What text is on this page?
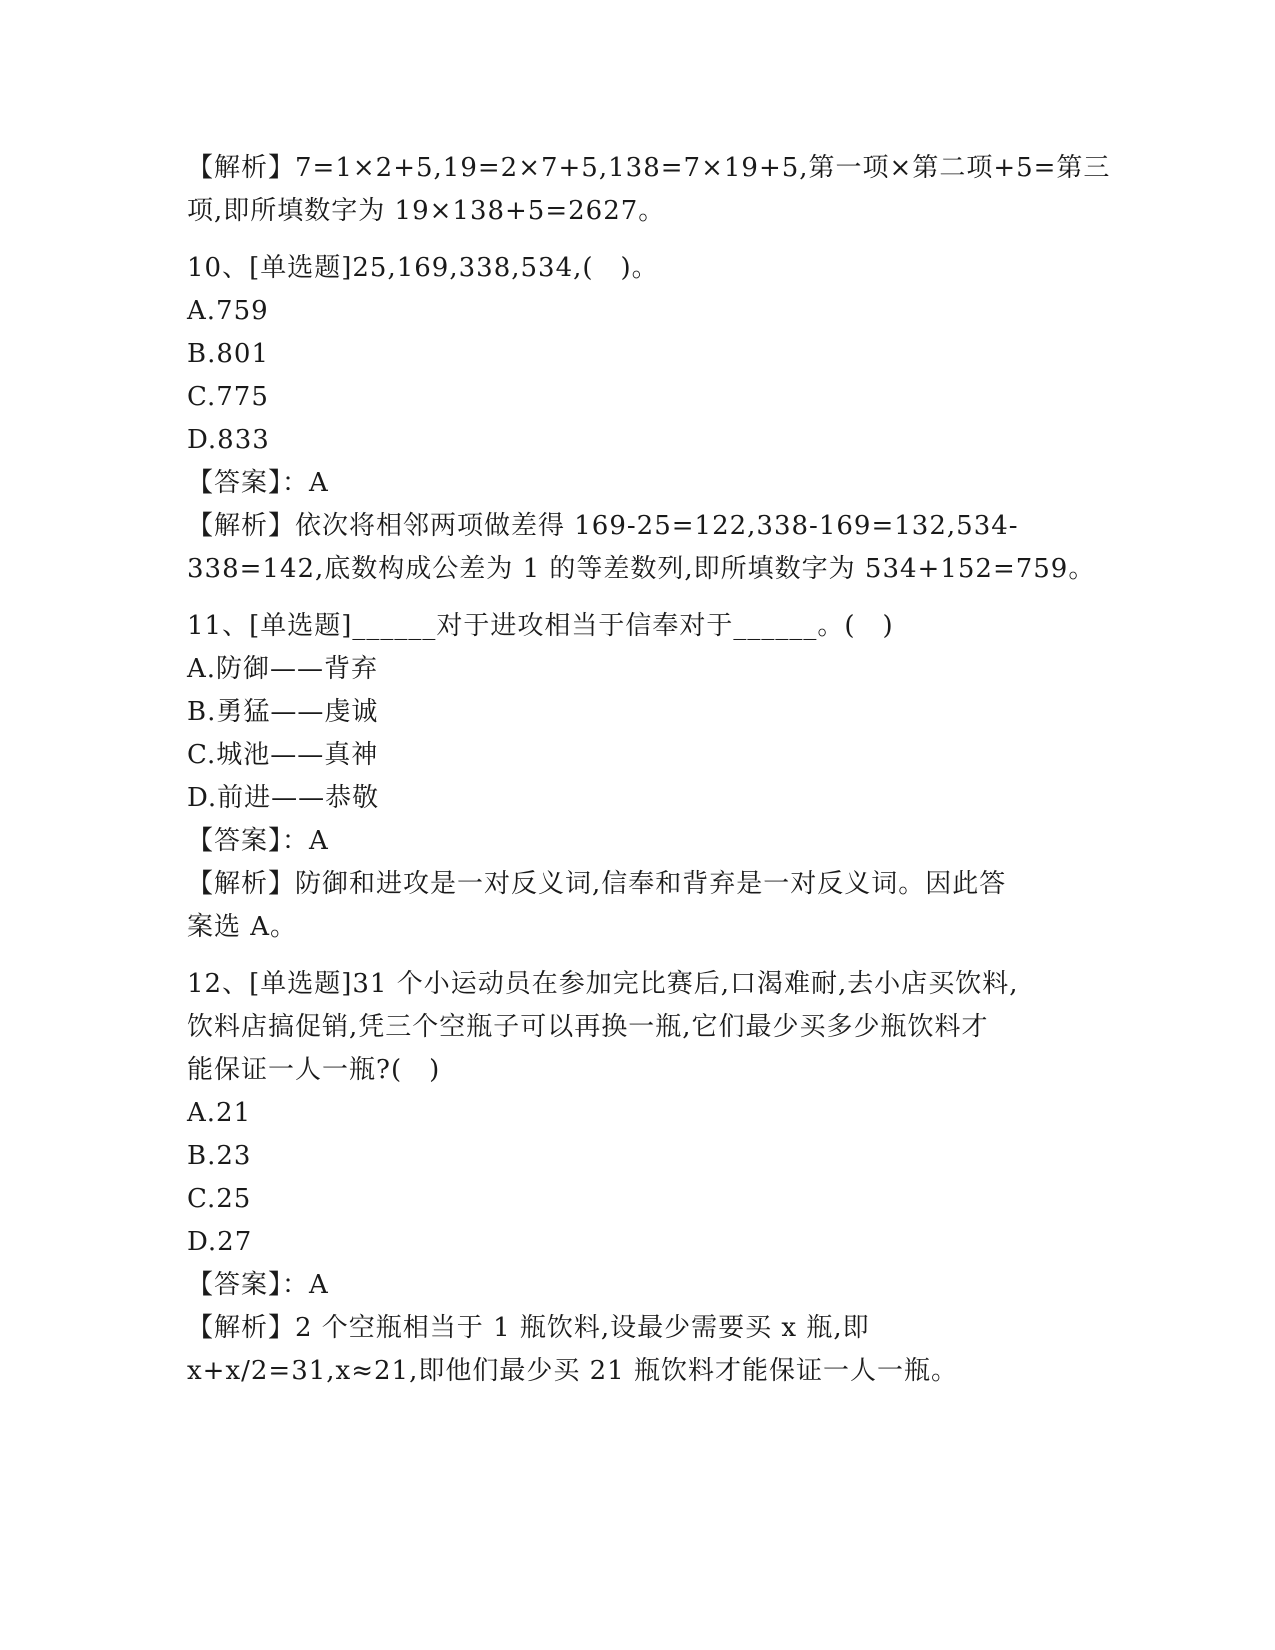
【解析】7=1×2+5,19=2×7+5,138=7×19+5,第一项×第二项+5=第三
项,即所填数字为 19×138+5=2627。
10、[单选题]25,169,338,534,(　)。
A.759
B.801
C.775
D.833
【答案】：A
【解析】依次将相邻两项做差得 169-25=122,338-169=132,534-
338=142,底数构成公差为 1 的等差数列,即所填数字为 534+152=759。
11、[单选题]______对于进攻相当于信奉对于______。(　)
A.防御——背弃
B.勇猛——虔诚
C.城池——真神
D.前进——恭敬
【答案】：A
【解析】防御和进攻是一对反义词,信奉和背弃是一对反义词。因此答
案选 A。
12、[单选题]31 个小运动员在参加完比赛后,口渴难耐,去小店买饮料,
饮料店搞促销,凭三个空瓶子可以再换一瓶,它们最少买多少瓶饮料才
能保证一人一瓶?(　)
A.21
B.23
C.25
D.27
【答案】：A
【解析】2 个空瓶相当于 1 瓶饮料,设最少需要买 x 瓶,即
x+x/2=31,x≈21,即他们最少买 21 瓶饮料才能保证一人一瓶。
